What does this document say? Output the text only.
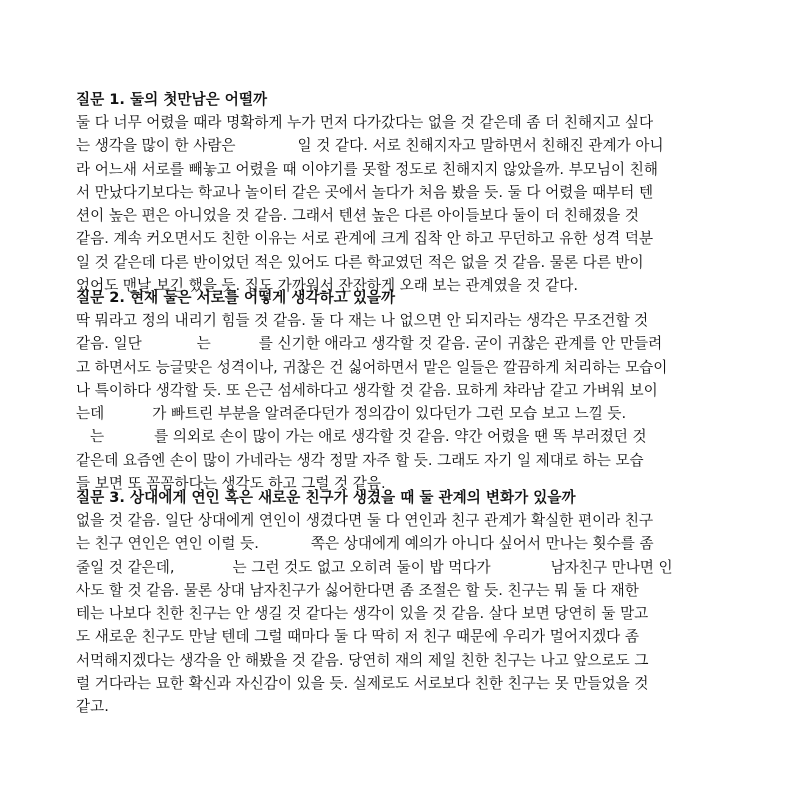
질문 1. 둘의 첫만남은 어떨까
둘 다 너무 어렸을 때라 명확하게 누가 먼저 다가갔다는 없을 것 같은데 좀 더 친해지고 싶다
는 생각을 많이 한 사람은	일 것 같다. 서로 친해지자고 말하면서 친해진 관계가 아니
라 어느새 서로를 빼놓고 어렸을 때 이야기를 못할 정도로 친해지지 않았을까. 부모님이 친해
서 만났다기보다는 학교나 놀이터 같은 곳에서 놀다가 처음 봤을 듯. 둘 다 어렸을 때부터 텐
션이 높은 편은 아니었을 것 같음. 그래서 텐션 높은 다른 아이들보다 둘이 더 친해졌을 것
같음. 계속 커오면서도 친한 이유는 서로 관계에 크게 집착 안 하고 무던하고 유한 성격 덕분
일 것 같은데 다른 반이었던 적은 있어도 다른 학교였던 적은 없을 것 같음. 물론 다른 반이
었어도 맨날 보긴 했을 듯. 집도 가까워서 잔잔하게 오래 보는 관계였을 것 같다.
질문 2. 현재 둘은 서로를 어떻게 생각하고 있을까
딱 뭐라고 정의 내리기 힘들 것 같음. 둘 다 재는 나 없으면 안 되지라는 생각은 무조건할 것
같음. 일단	는	를 신기한 애라고 생각할 것 같음. 굳이 귀찮은 관계를 안 만들려
고 하면서도 능글맞은 성격이나, 귀찮은 건 싫어하면서 맡은 일들은 깔끔하게 처리하는 모습이
나 특이하다 생각할 듯. 또 은근 섬세하다고 생각할 것 같음. 묘하게 챠라남 같고 가벼워 보이
는데	가 빠트린 부분을 알려준다던가 정의감이 있다던가 그런 모습 보고 느낄 듯.
는	를 의외로 손이 많이 가는 애로 생각할 것 같음. 약간 어렸을 땐 똑 부러졌던 것
같은데 요즘엔 손이 많이 가네라는 생각 정말 자주 할 듯. 그래도 자기 일 제대로 하는 모습
들 보면 또 꼼꼼하다는 생각도 하고 그럴 것 같음.
질문 3. 상대에게 연인 혹은 새로운 친구가 생겼을 때 둘 관계의 변화가 있을까
없을 것 같음. 일단 상대에게 연인이 생겼다면 둘 다 연인과 친구 관계가 확실한 편이라 친구
는 친구 연인은 연인 이럴 듯.	쪽은 상대에게 예의가 아니다 싶어서 만나는 횟수를 좀
줄일 것 같은데,	는 그런 것도 없고 오히려 둘이 밥 먹다가	남자친구 만나면 인
사도 할 것 같음. 물론 상대 남자친구가 싫어한다면 좀 조절은 할 듯. 친구는 뭐 둘 다 재한
테는 나보다 친한 친구는 안 생길 것 같다는 생각이 있을 것 같음. 살다 보면 당연히 둘 말고
도 새로운 친구도 만날 텐데 그럴 때마다 둘 다 딱히 저 친구 때문에 우리가 멀어지겠다 좀
서먹해지겠다는 생각을 안 해봤을 것 같음. 당연히 재의 제일 친한 친구는 나고 앞으로도 그
럴 거다라는 묘한 확신과 자신감이 있을 듯. 실제로도 서로보다 친한 친구는 못 만들었을 것
같고.
